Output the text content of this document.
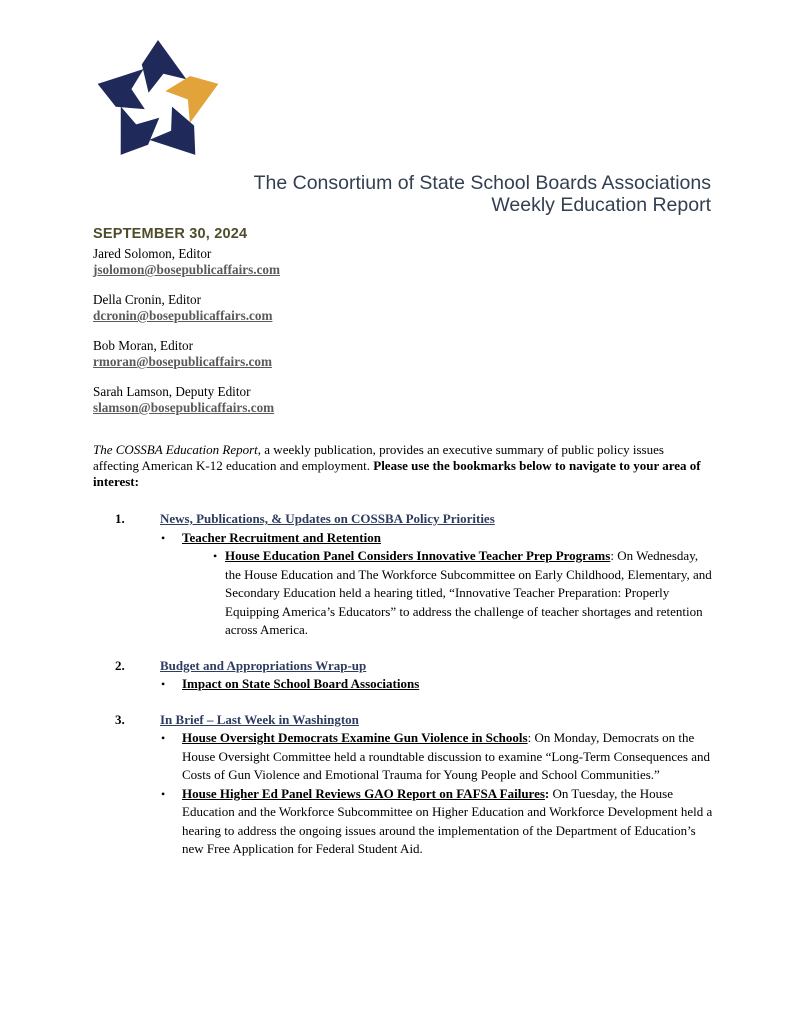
The Consortium of State School Boards Associations
Weekly Education Report
SEPTEMBER 30, 2024
Jared Solomon, Editor
jsolomon@bosepublicaffairs.com
Della Cronin, Editor
dcronin@bosepublicaffairs.com
Bob Moran, Editor
rmoran@bosepublicaffairs.com
Sarah Lamson, Deputy Editor
slamson@bosepublicaffairs.com

The COSSBA Education Report, a weekly publication, provides an executive summary of public policy issues affecting American K-12 education and employment. Please use the bookmarks below to navigate to your area of interest:

1.	News, Publications, & Updates on COSSBA Policy Priorities
•	Teacher Recruitment and Retention
• House Education Panel Considers Innovative Teacher Prep Programs: On Wednesday, the House Education and The Workforce Subcommittee on Early Childhood, Elementary, and Secondary Education held a hearing titled, “Innovative Teacher Preparation: Properly Equipping America’s Educators” to address the challenge of teacher shortages and retention across America.
2.	Budget and Appropriations Wrap-up
•	Impact on State School Board Associations
3.	In Brief – Last Week in Washington
•	House Oversight Democrats Examine Gun Violence in Schools: On Monday, Democrats on the House Oversight Committee held a roundtable discussion to examine “Long-Term Consequences and Costs of Gun Violence and Emotional Trauma for Young People and School Communities.”
•	House Higher Ed Panel Reviews GAO Report on FAFSA Failures: On Tuesday, the House Education and the Workforce Subcommittee on Higher Education and Workforce Development held a hearing to address the ongoing issues around the implementation of the Department of Education’s new Free Application for Federal Student Aid.
